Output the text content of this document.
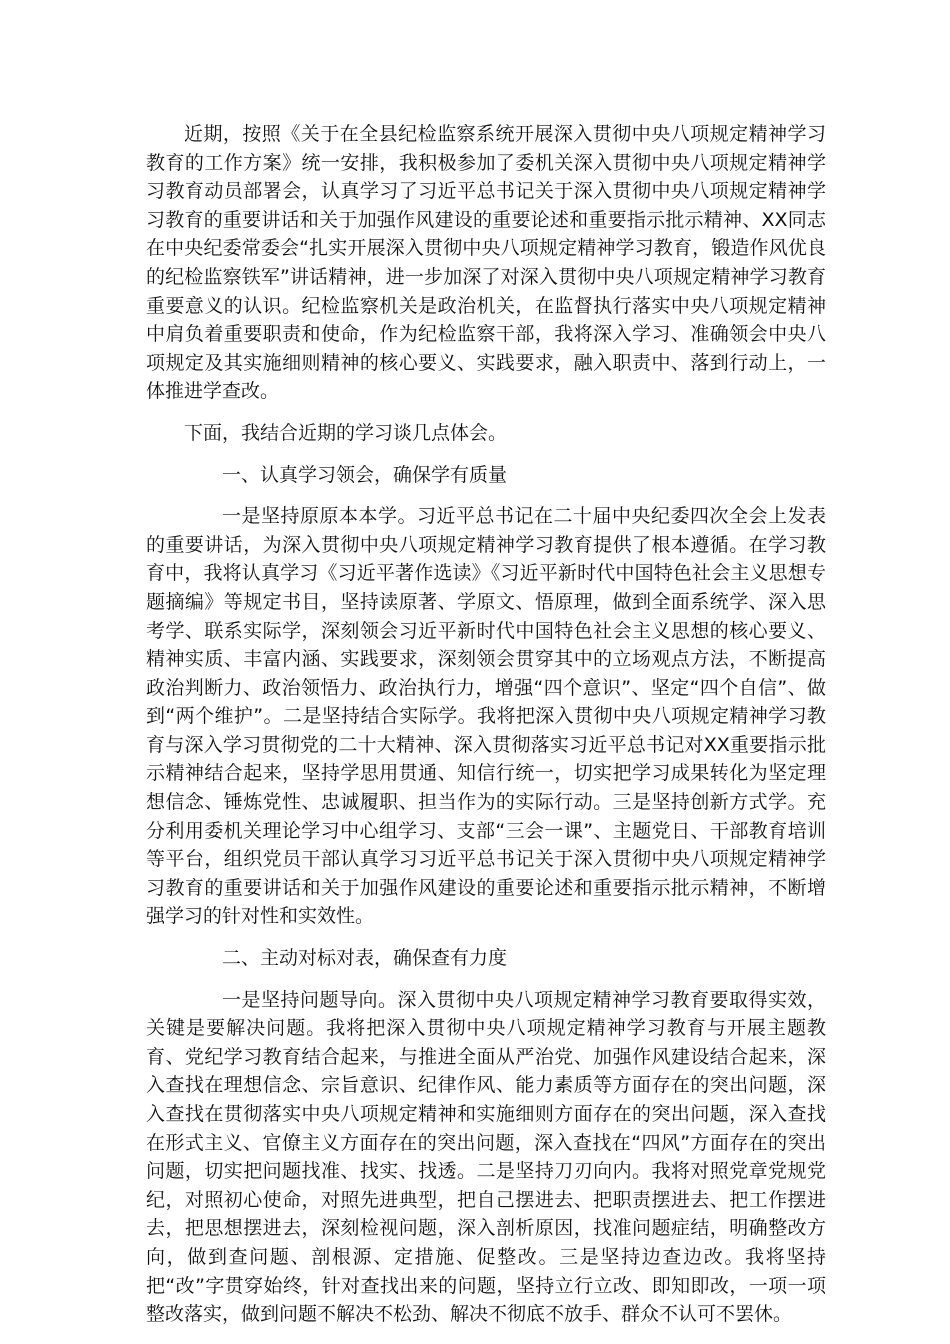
近期，按照《关于在全县纪检监察系统开展深入贯彻中央八项规定精神学习教育的工作方案》统一安排，我积极参加了委机关深入贯彻中央八项规定精神学习教育动员部署会，认真学习了习近平总书记关于深入贯彻中央八项规定精神学习教育的重要讲话和关于加强作风建设的重要论述和重要指示批示精神、XX同志在中央纪委常委会“扎实开展深入贯彻中央八项规定精神学习教育，锻造作风优良的纪检监察铁军”讲话精神，进一步加深了对深入贯彻中央八项规定精神学习教育重要意义的认识。纪检监察机关是政治机关，在监督执行落实中央八项规定精神中肩负着重要职责和使命，作为纪检监察干部，我将深入学习、准确领会中央八项规定及其实施细则精神的核心要义、实践要求，融入职责中、落到行动上，一体推进学查改。

下面，我结合近期的学习谈几点体会。

一、认真学习领会，确保学有质量

一是坚持原原本本学。习近平总书记在二十届中央纪委四次全会上发表的重要讲话，为深入贯彻中央八项规定精神学习教育提供了根本遵循。在学习教育中，我将认真学习《习近平著作选读》《习近平新时代中国特色社会主义思想专题摘编》等规定书目，坚持读原著、学原文、悟原理，做到全面系统学、深入思考学、联系实际学，深刻领会习近平新时代中国特色社会主义思想的核心要义、精神实质、丰富内涵、实践要求，深刻领会贯穿其中的立场观点方法，不断提高政治判断力、政治领悟力、政治执行力，增强“四个意识”、坚定“四个自信”、做到“两个维护”。二是坚持结合实际学。我将把深入贯彻中央八项规定精神学习教育与深入学习贯彻党的二十大精神、深入贯彻落实习近平总书记对XX重要指示批示精神结合起来，坚持学思用贯通、知信行统一，切实把学习成果转化为坚定理想信念、锤炼党性、忠诚履职、担当作为的实际行动。三是坚持创新方式学。充分利用委机关理论学习中心组学习、支部“三会一课”、主题党日、干部教育培训等平台，组织党员干部认真学习习近平总书记关于深入贯彻中央八项规定精神学习教育的重要讲话和关于加强作风建设的重要论述和重要指示批示精神，不断增强学习的针对性和实效性。

二、主动对标对表，确保查有力度

一是坚持问题导向。深入贯彻中央八项规定精神学习教育要取得实效，关键是要解决问题。我将把深入贯彻中央八项规定精神学习教育与开展主题教育、党纪学习教育结合起来，与推进全面从严治党、加强作风建设结合起来，深入查找在理想信念、宗旨意识、纪律作风、能力素质等方面存在的突出问题，深入查找在贯彻落实中央八项规定精神和实施细则方面存在的突出问题，深入查找在形式主义、官僚主义方面存在的突出问题，深入查找在“四风”方面存在的突出问题，切实把问题找准、找实、找透。二是坚持刀刃向内。我将对照党章党规党纪，对照初心使命，对照先进典型，把自己摆进去、把职责摆进去、把工作摆进去，把思想摆进去，深刻检视问题，深入剖析原因，找准问题症结，明确整改方向，做到查问题、剖根源、定措施、促整改。三是坚持边查边改。我将坚持把“改”字贯穿始终，针对查找出来的问题，坚持立行立改、即知即改，一项一项整改落实，做到问题不解决不松劲、解决不彻底不放手、群众不认可不罢休。
